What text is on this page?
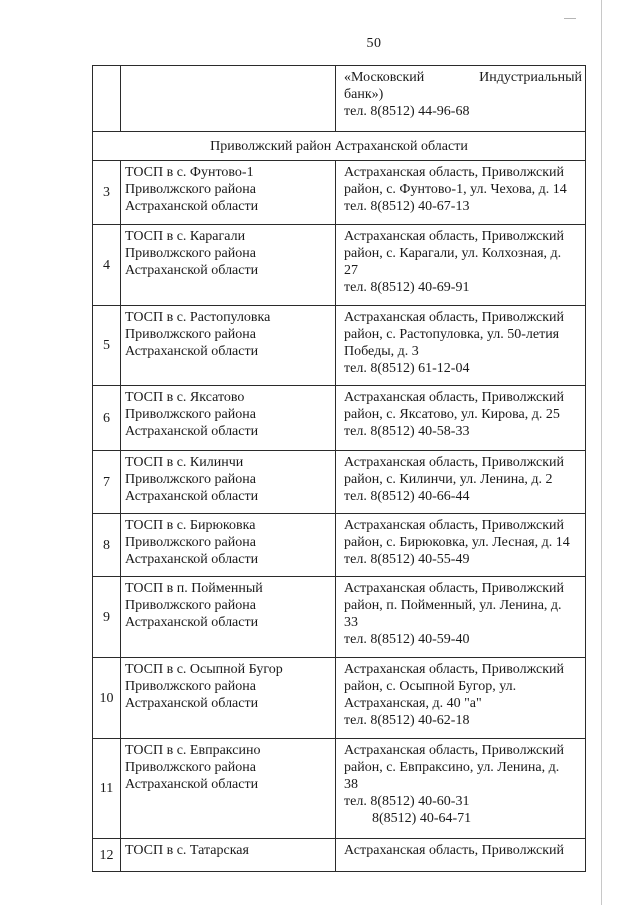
50

		«Московский Индустриальный
банк»)
тел. 8(8512) 44-96-68

Приволжский район Астраханской области		
3	ТОСП в с. Фунтово-1
Приволжского района
Астраханской области	Астраханская область, Приволжский
район, с. Фунтово-1, ул. Чехова, д. 14
тел. 8(8512) 40-67-13

4	ТОСП в с. Карагали
Приволжского района
Астраханской области	Астраханская область, Приволжский
район, с. Карагали, ул. Колхозная, д.
27
тел. 8(8512) 40-69-91

5	ТОСП в с. Растопуловка
Приволжского района
Астраханской области	Астраханская область, Приволжский
район, с. Растопуловка, ул. 50-летия
Победы, д. 3
тел. 8(8512) 61-12-04

6	ТОСП в с. Яксатово
Приволжского района
Астраханской области	Астраханская область, Приволжский
район, с. Яксатово, ул. Кирова, д. 25
тел. 8(8512) 40-58-33

7	ТОСП в с. Килинчи
Приволжского района
Астраханской области	Астраханская область, Приволжский
район, с. Килинчи, ул. Ленина, д. 2
тел. 8(8512) 40-66-44

8	ТОСП в с. Бирюковка
Приволжского района
Астраханской области	Астраханская область, Приволжский
район, с. Бирюковка, ул. Лесная, д. 14
тел. 8(8512) 40-55-49

9	ТОСП в п. Пойменный
Приволжского района
Астраханской области	Астраханская область, Приволжский
район, п. Пойменный, ул. Ленина, д.
33
тел. 8(8512) 40-59-40

10	ТОСП в с. Осыпной Бугор
Приволжского района
Астраханской области	Астраханская область, Приволжский
район, с. Осыпной Бугор, ул.
Астраханская, д. 40 "а"
тел. 8(8512) 40-62-18

11	ТОСП в с. Евпраксино
Приволжского района
Астраханской области	Астраханская область, Приволжский
район, с. Евпраксино, ул. Ленина, д.
38
тел. 8(8512) 40-60-31
8(8512) 40-64-71

12	ТОСП в с. Татарская	Астраханская область, Приволжский
